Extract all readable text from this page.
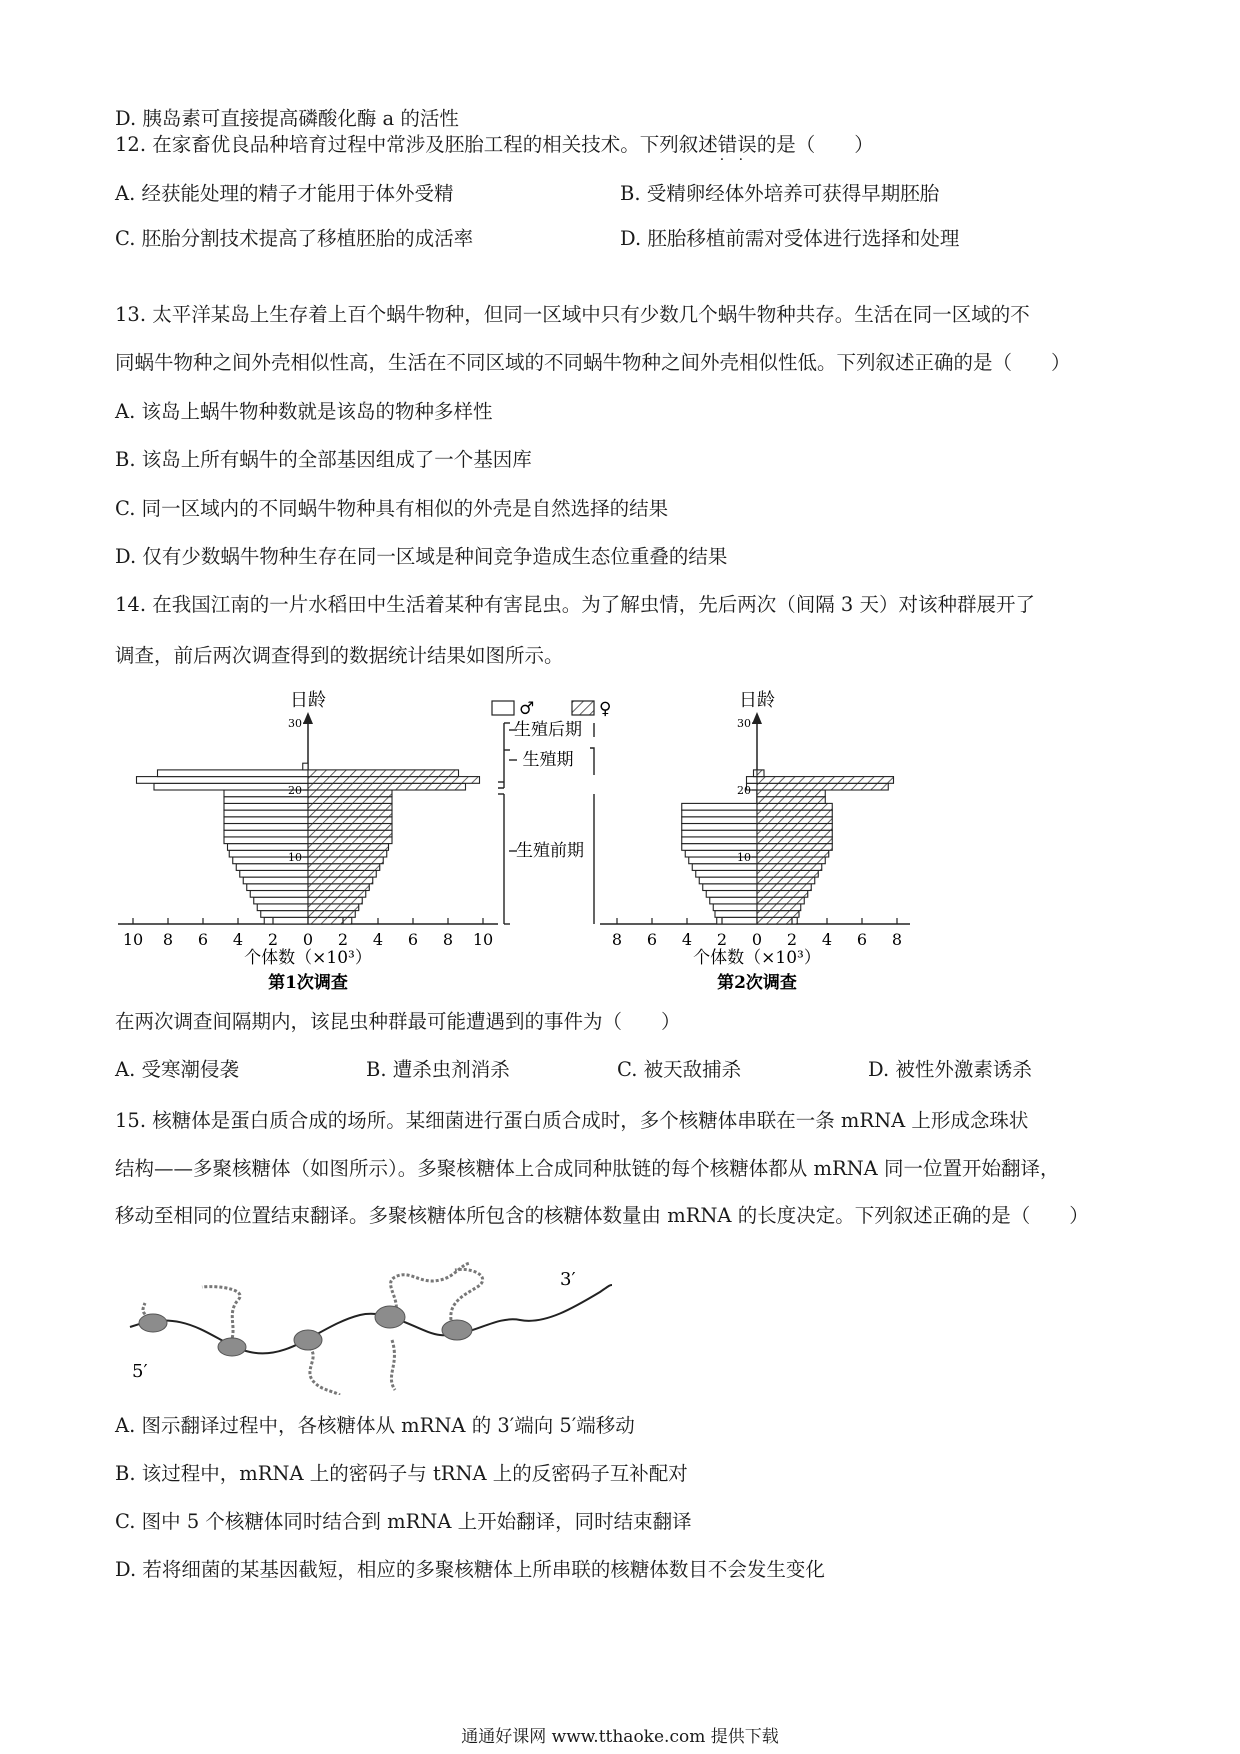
D. 胰岛素可直接提高磷酸化酶 a 的活性
12. 在家畜优良品种培育过程中常涉及胚胎工程的相关技术。下列叙述错误 · ·的是（　　）
A. 经获能处理的精子才能用于体外受精	B. 受精卵经体外培养可获得早期胚胎
C. 胚胎分割技术提高了移植胚胎的成活率	D. 胚胎移植前需对受体进行选择和处理
13. 太平洋某岛上生存着上百个蜗牛物种，但同一区域中只有少数几个蜗牛物种共存。生活在同一区域的不
同蜗牛物种之间外壳相似性高，生活在不同区域的不同蜗牛物种之间外壳相似性低。下列叙述正确的是（　　）
A. 该岛上蜗牛物种数就是该岛的物种多样性
B. 该岛上所有蜗牛的全部基因组成了一个基因库
C. 同一区域内的不同蜗牛物种具有相似的外壳是自然选择的结果
D. 仅有少数蜗牛物种生存在同一区域是种间竞争造成生态位重叠的结果
14. 在我国江南的一片水稻田中生活着某种有害昆虫。为了解虫情，先后两次（间隔 3 天）对该种群展开了
调查，前后两次调查得到的数据统计结果如图所示。
日龄
10 8 6 4 2 0 2 4 6 8 10
10
20
30
个体数（×10³）
第1次调查
♂	♀
生殖后期
生殖期
生殖前期
日龄
8 6 4 2 0 2 4 6 8
10
20
30
个体数（×10³）
第2次调查
在两次调查间隔期内，该昆虫种群最可能遭遇到的事件为（　　）
A. 受寒潮侵袭	B. 遭杀虫剂消杀	C. 被天敌捕杀	D. 被性外激素诱杀
15. 核糖体是蛋白质合成的场所。某细菌进行蛋白质合成时，多个核糖体串联在一条 mRNA 上形成念珠状
结构——多聚核糖体（如图所示）。多聚核糖体上合成同种肽链的每个核糖体都从 mRNA 同一位置开始翻译，
移动至相同的位置结束翻译。多聚核糖体所包含的核糖体数量由 mRNA 的长度决定。下列叙述正确的是（　　）
3′
5′
A. 图示翻译过程中，各核糖体从 mRNA 的 3′端向 5′端移动
B. 该过程中，mRNA 上的密码子与 tRNA 上的反密码子互补配对
C. 图中 5 个核糖体同时结合到 mRNA 上开始翻译，同时结束翻译
D. 若将细菌的某基因截短，相应的多聚核糖体上所串联的核糖体数目不会发生变化
通通好课网 www.tthaoke.com 提供下载
